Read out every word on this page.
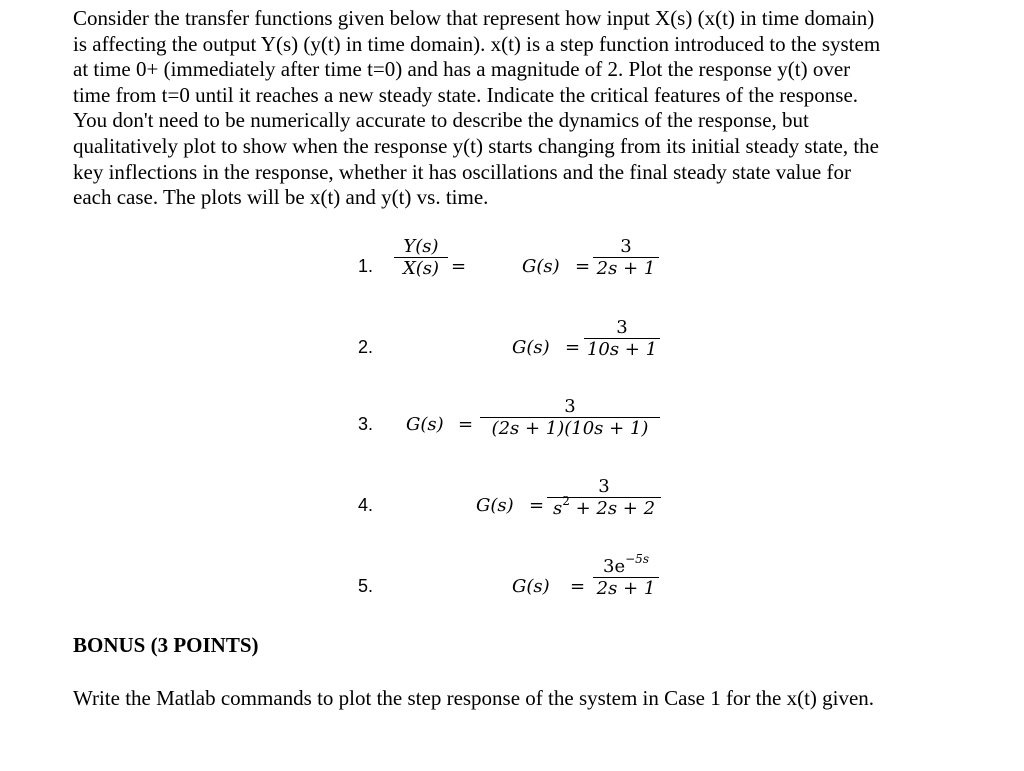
Consider the transfer functions given below that represent how input X(s) (x(t) in time domain)
is affecting the output Y(s) (y(t) in time domain). x(t) is a step function introduced to the system
at time 0+ (immediately after time t=0) and has a magnitude of 2. Plot the response y(t) over
time from t=0 until it reaches a new steady state. Indicate the critical features of the response.
You don't need to be numerically accurate to describe the dynamics of the response, but
qualitatively plot to show when the response y(t) starts changing from its initial steady state, the
key inflections in the response, whether it has oscillations and the final steady state value for
each case. The plots will be x(t) and y(t) vs. time.
1.
Y(s)
X(s) =	G(s) =
3
2s + 1
2.	G(s) =
3
10s + 1
3. G(s) =
3
(2s + 1)(10s + 1)
4.	G(s) =
3
$s^2 + 2s + 2$
5.	G(s) =
$3e^{-5s}$
2s + 1
BONUS (3 POINTS)
Write the Matlab commands to plot the step response of the system in Case 1 for the x(t) given.
